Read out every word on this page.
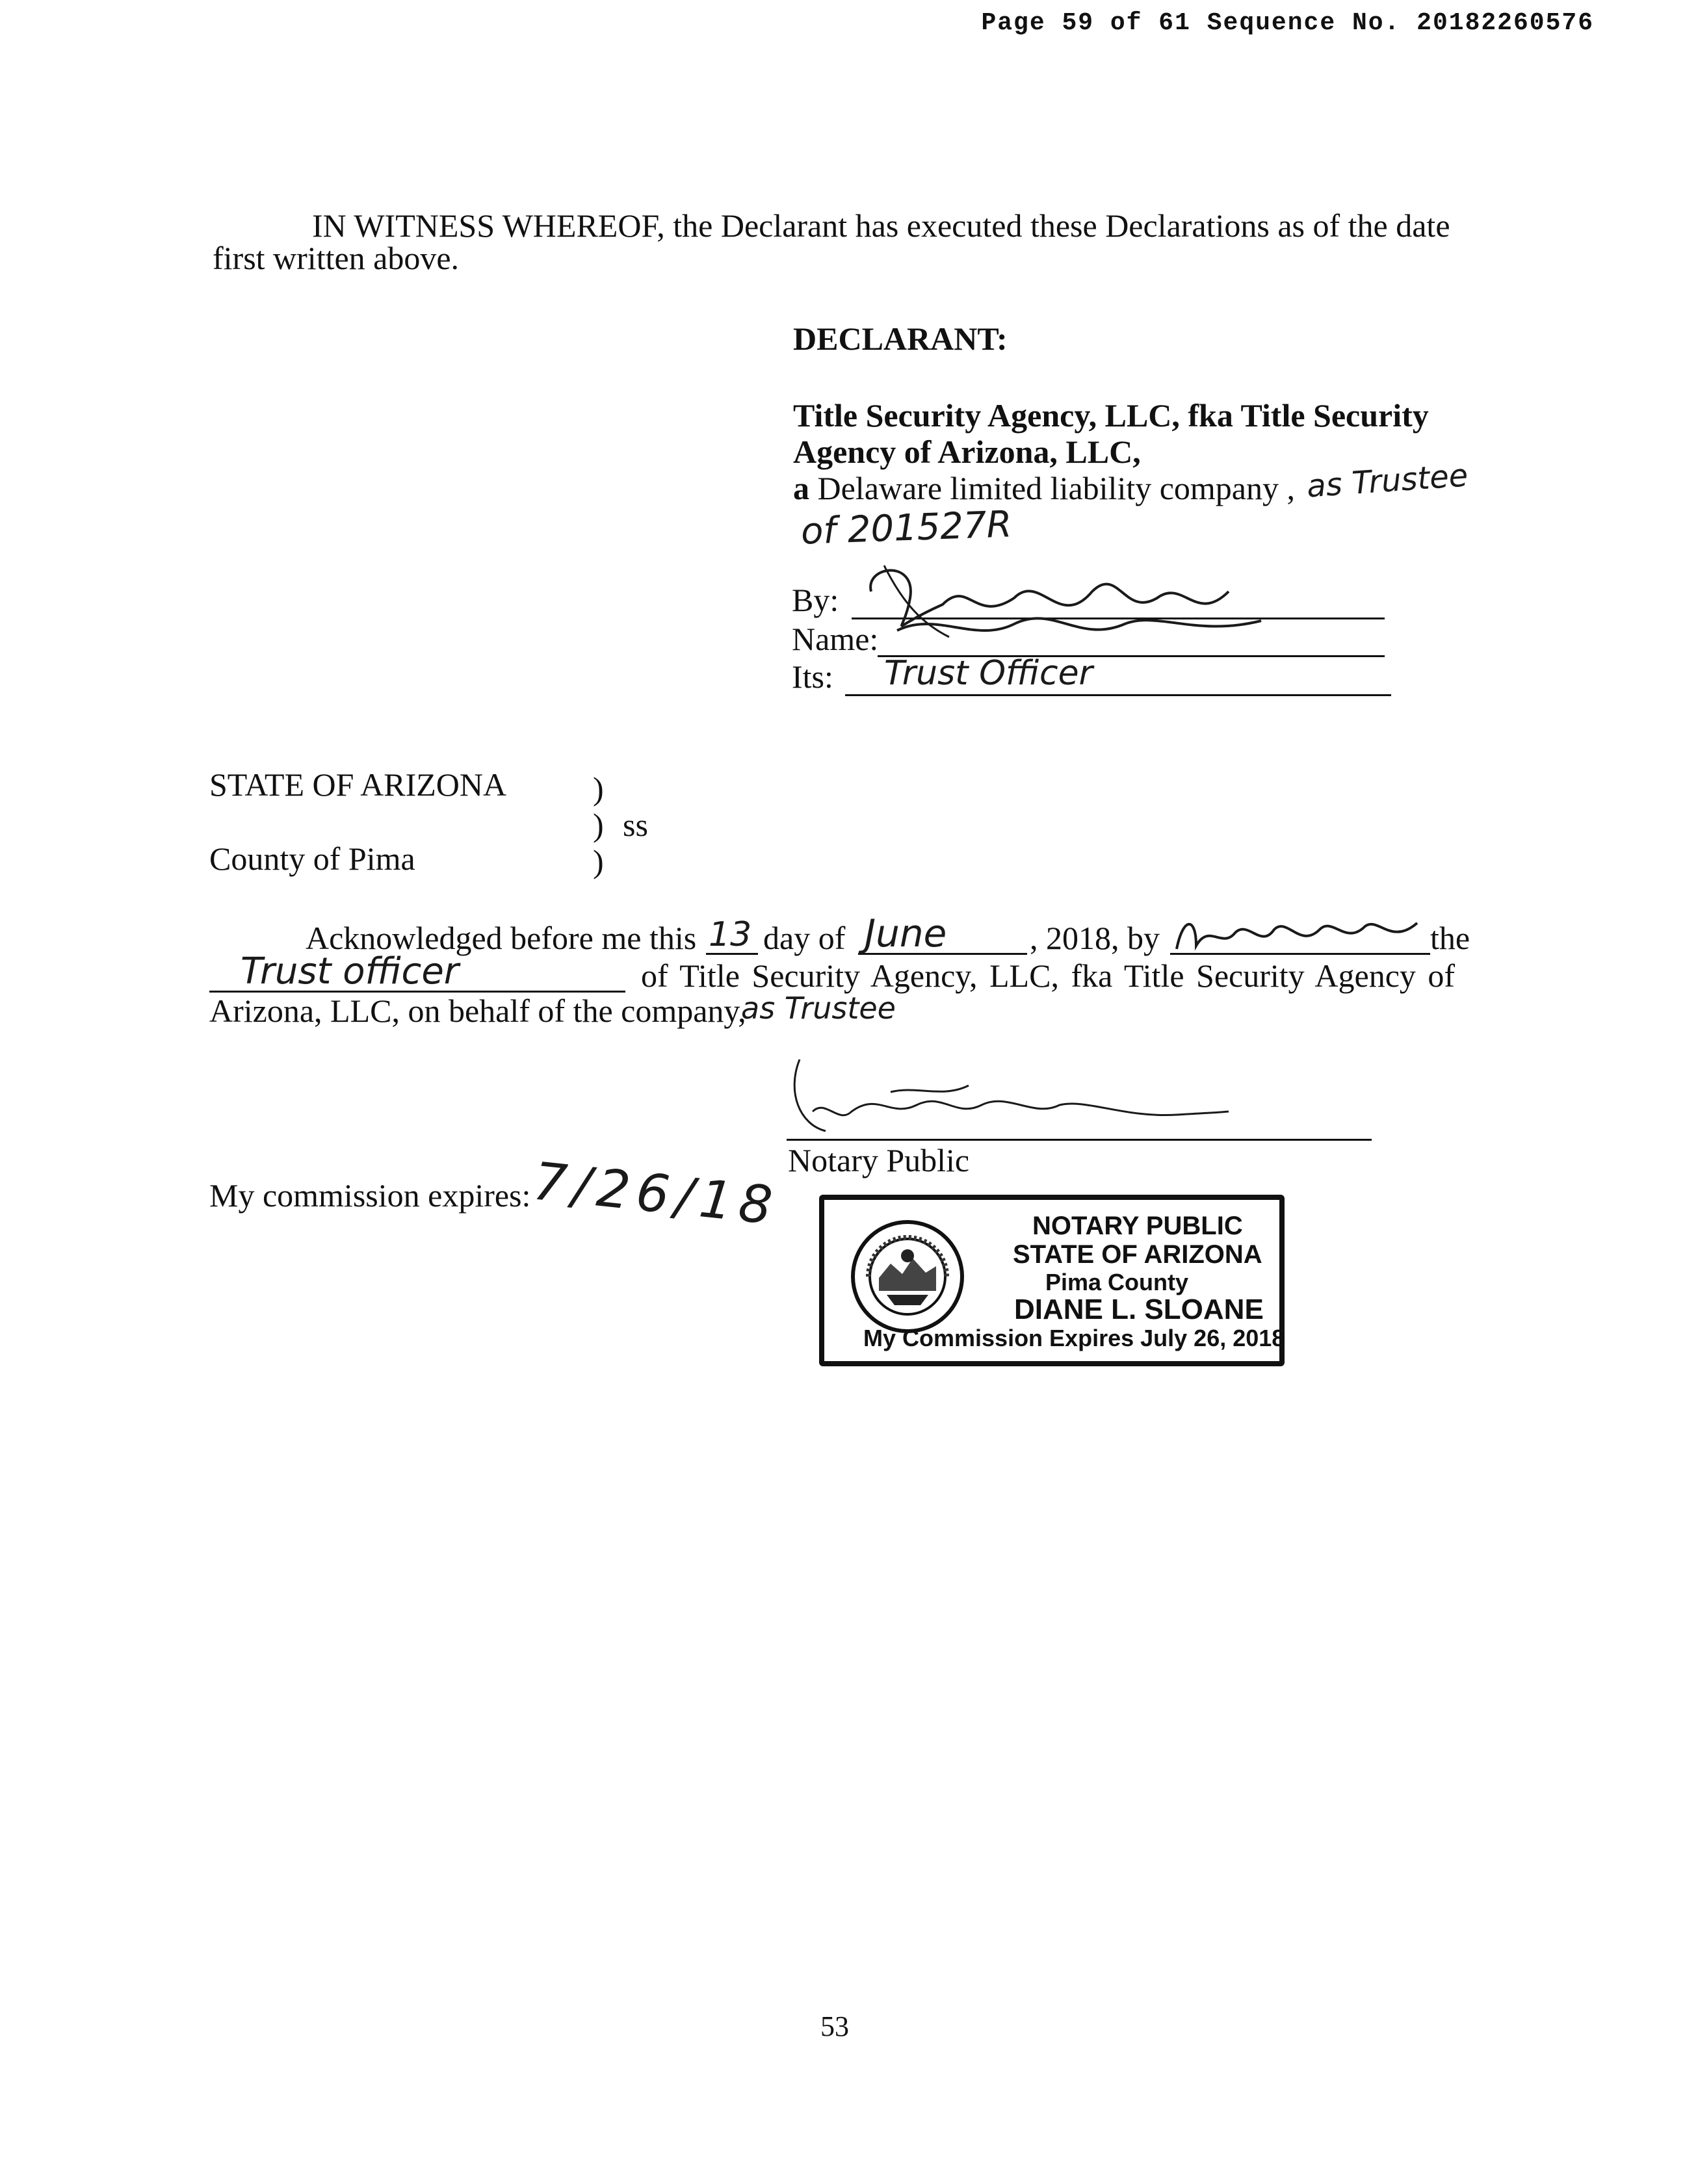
Page 59 of 61 Sequence No. 20182260576
IN WITNESS WHEREOF, the Declarant has executed these Declarations as of the date
first written above.
DECLARANT:
Title Security Agency, LLC, fka Title Security
Agency of Arizona, LLC,
a Delaware limited liability company , as Trustee
of 201527R
By:
Name:
Its: Trust Officer
STATE OF ARIZONA	)
) ss
)
County of Pima
Acknowledged before me this 13 day of June	, 2018, by	the
Trust officer	of Title Security Agency, LLC, fka Title Security Agency of
Arizona, LLC, on behalf of the company,
as Trustee
Notary Public
My commission expires: 7/26/18	NOTARY PUBLIC
STATE OF ARIZONA
Pima County
DIANE L. SLOANE
My Commission Expires July 26, 2018
53
